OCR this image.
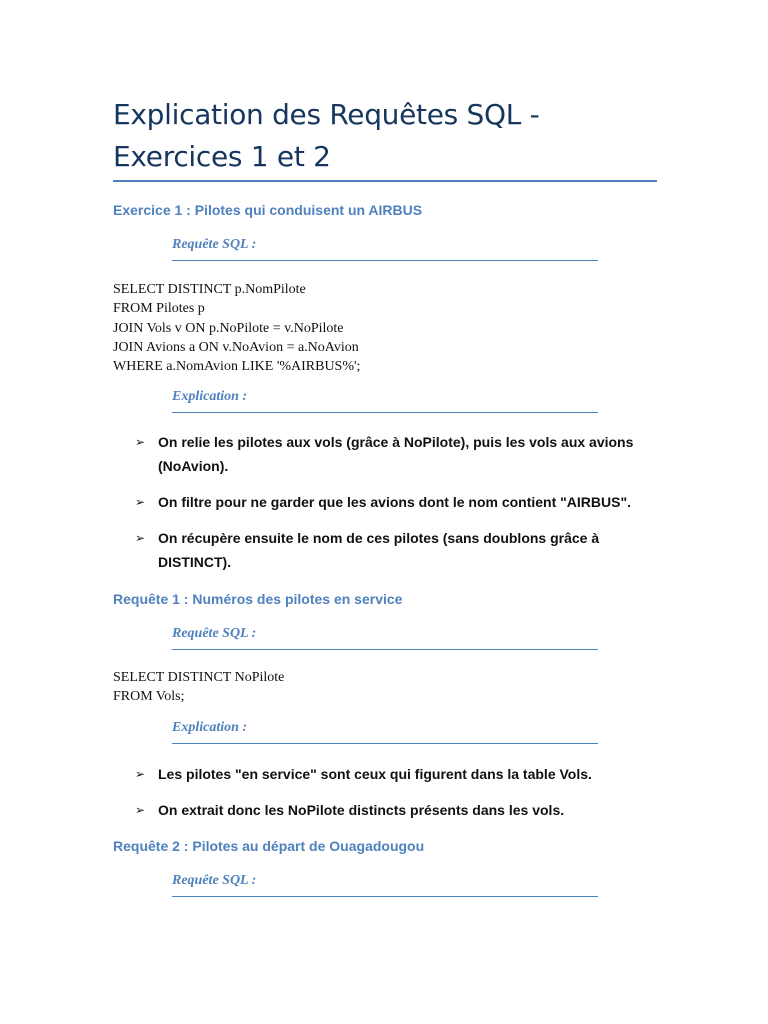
Explication des Requêtes SQL -
Exercices 1 et 2
Exercice 1 : Pilotes qui conduisent un AIRBUS
Requête SQL :
SELECT DISTINCT p.NomPilote
FROM Pilotes p
JOIN Vols v ON p.NoPilote = v.NoPilote
JOIN Avions a ON v.NoAvion = a.NoAvion
WHERE a.NomAvion LIKE '%AIRBUS%';
Explication :
➢ On relie les pilotes aux vols (grâce à NoPilote), puis les vols aux avions (NoAvion).
➢ On filtre pour ne garder que les avions dont le nom contient "AIRBUS".
➢ On récupère ensuite le nom de ces pilotes (sans doublons grâce à DISTINCT).
Requête 1 : Numéros des pilotes en service
Requête SQL :
SELECT DISTINCT NoPilote
FROM Vols;
Explication :
➢ Les pilotes "en service" sont ceux qui figurent dans la table Vols.
➢ On extrait donc les NoPilote distincts présents dans les vols.
Requête 2 : Pilotes au départ de Ouagadougou
Requête SQL :
